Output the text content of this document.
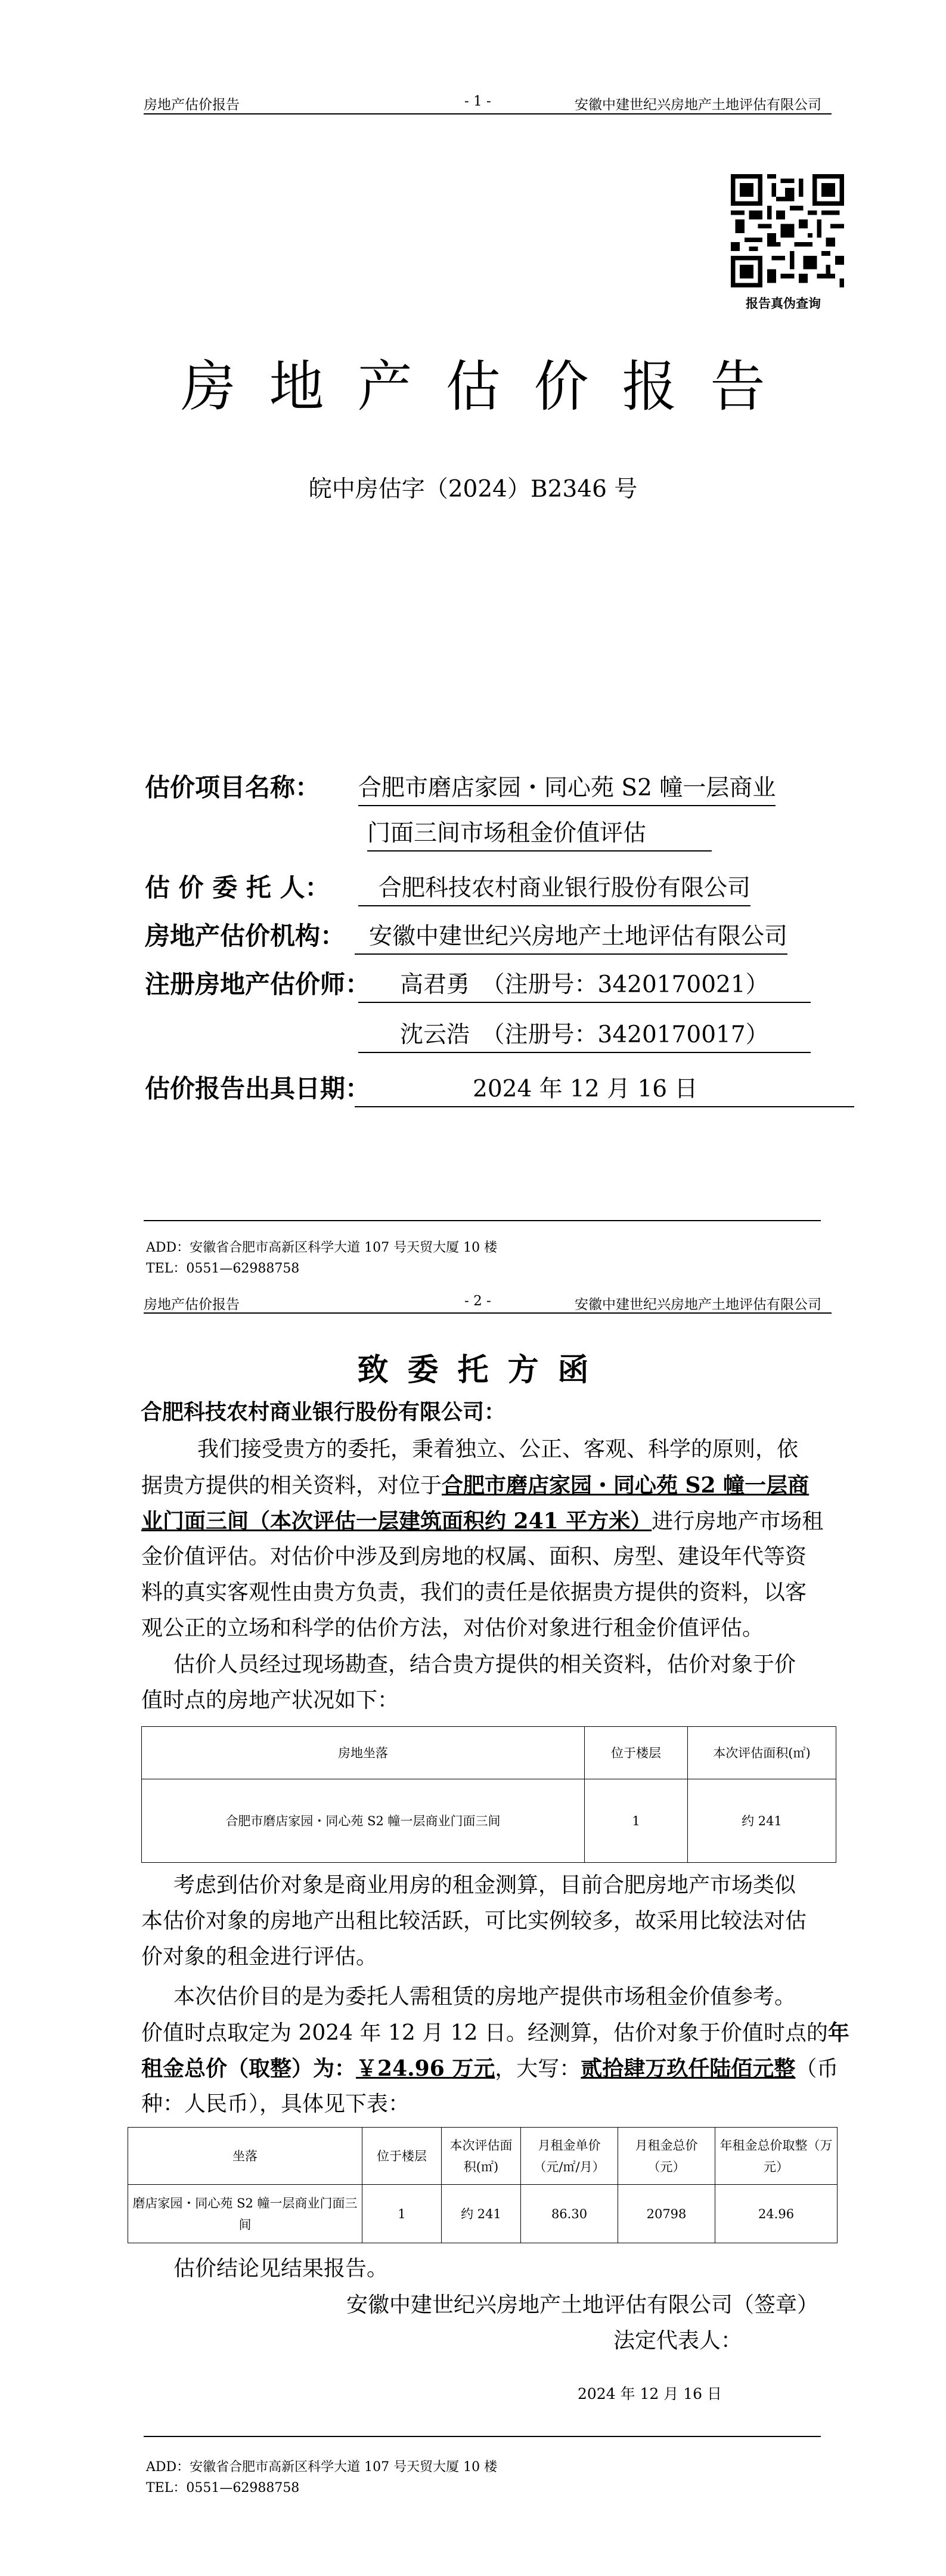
房地产估价报告	- 1 -	安徽中建世纪兴房地产土地评估有限公司
报告真伪查询
房地产估价报告
皖中房估字（2024）B2346 号
估价项目名称： 合肥市磨店家园・同心苑 S2 幢一层商业
门面三间市场租金价值评估
估 价 委 托 人：	合肥科技农村商业银行股份有限公司
房地产估价机构：	安徽中建世纪兴房地产土地评估有限公司
注册房地产估价师：	高君勇　（注册号：3420170021）
沈云浩　（注册号：3420170017）
估价报告出具日期：	2024 年 12 月 16 日
ADD：安徽省合肥市高新区科学大道 107 号天贸大厦 10 楼
TEL：0551—62988758
房地产估价报告	- 2 -	安徽中建世纪兴房地产土地评估有限公司
致委托方函
合肥科技农村商业银行股份有限公司：
我们接受贵方的委托，秉着独立、公正、客观、科学的原则，依
据贵方提供的相关资料，对位于合肥市磨店家园・同心苑 S2 幢一层商
业门面三间（本次评估一层建筑面积约 241 平方米）进行房地产市场租
金价值评估。对估价中涉及到房地的权属、面积、房型、建设年代等资
料的真实客观性由贵方负责，我们的责任是依据贵方提供的资料，以客
观公正的立场和科学的估价方法，对估价对象进行租金价值评估。
估价人员经过现场勘查，结合贵方提供的相关资料，估价对象于价
值时点的房地产状况如下：
房地坐落	位于楼层	本次评估面积(㎡)
合肥市磨店家园・同心苑 S2 幢一层商业门面三间	1	约 241
考虑到估价对象是商业用房的租金测算，目前合肥房地产市场类似
本估价对象的房地产出租比较活跃，可比实例较多，故采用比较法对估
价对象的租金进行评估。
本次估价目的是为委托人需租赁的房地产提供市场租金价值参考。
价值时点取定为 2024 年 12 月 12 日。经测算，估价对象于价值时点的年
租金总价（取整）为：￥24.96 万元，大写：贰拾肆万玖仟陆佰元整（币
种：人民币），具体见下表：
坐落	位于楼层	本次评估面积(㎡)	月租金单价（元/㎡/月）	月租金总价（元）	年租金总价取整（万元）
磨店家园・同心苑 S2 幢一层商业门面三间	1	约 241	86.30	20798	24.96
估价结论见结果报告。
安徽中建世纪兴房地产土地评估有限公司（签章）
法定代表人：
2024 年 12 月 16 日
ADD：安徽省合肥市高新区科学大道 107 号天贸大厦 10 楼
TEL：0551—62988758
